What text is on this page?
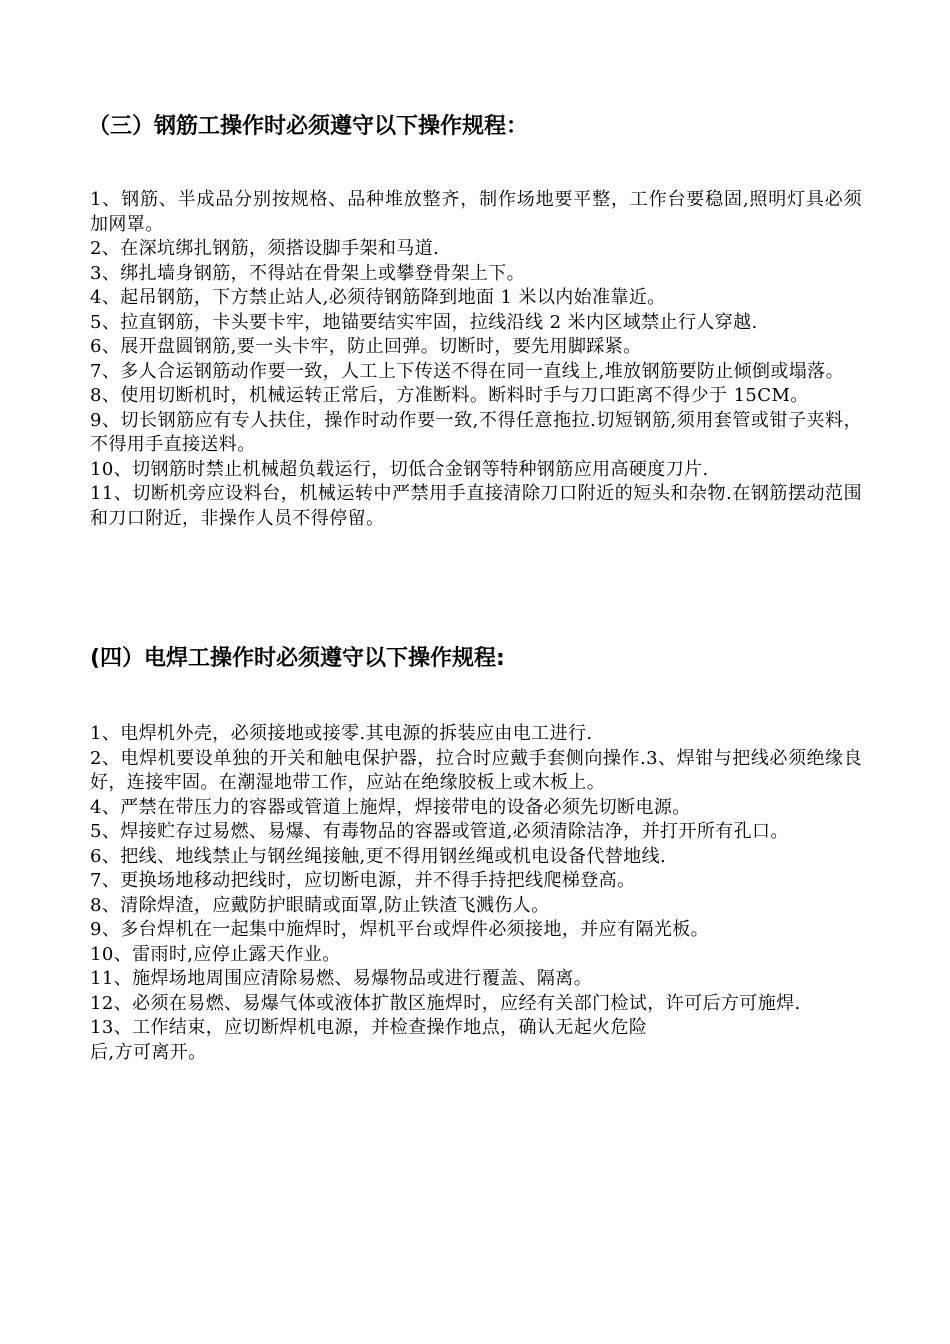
（三）钢筋工操作时必须遵守以下操作规程：

1、钢筋、半成品分别按规格、品种堆放整齐，制作场地要平整，工作台要稳固,照明灯具必须加网罩。

2、在深坑绑扎钢筋，须搭设脚手架和马道.

3、绑扎墙身钢筋，不得站在骨架上或攀登骨架上下。

4、起吊钢筋，下方禁止站人,必须待钢筋降到地面 1 米以内始准靠近。

5、拉直钢筋，卡头要卡牢，地锚要结实牢固，拉线沿线 2 米内区域禁止行人穿越.

6、展开盘圆钢筋,要一头卡牢，防止回弹。切断时，要先用脚踩紧。

7、多人合运钢筋动作要一致，人工上下传送不得在同一直线上,堆放钢筋要防止倾倒或塌落。

8、使用切断机时，机械运转正常后，方准断料。断料时手与刀口距离不得少于 15CM。

9、切长钢筋应有专人扶住，操作时动作要一致,不得任意拖拉.切短钢筋,须用套管或钳子夹料，不得用手直接送料。

10、切钢筋时禁止机械超负载运行，切低合金钢等特种钢筋应用高硬度刀片.

11、切断机旁应设料台，机械运转中严禁用手直接清除刀口附近的短头和杂物.在钢筋摆动范围和刀口附近，非操作人员不得停留。

(四）电焊工操作时必须遵守以下操作规程:

1、电焊机外壳，必须接地或接零.其电源的拆装应由电工进行.

2、电焊机要设单独的开关和触电保护器，拉合时应戴手套侧向操作.3、焊钳与把线必须绝缘良好，连接牢固。在潮湿地带工作，应站在绝缘胶板上或木板上。

4、严禁在带压力的容器或管道上施焊，焊接带电的设备必须先切断电源。

5、焊接贮存过易燃、易爆、有毒物品的容器或管道,必须清除洁净，并打开所有孔口。

6、把线、地线禁止与钢丝绳接触,更不得用钢丝绳或机电设备代替地线.

7、更换场地移动把线时，应切断电源，并不得手持把线爬梯登高。

8、清除焊渣，应戴防护眼睛或面罩,防止铁渣飞溅伤人。

9、多台焊机在一起集中施焊时，焊机平台或焊件必须接地，并应有隔光板。

10、雷雨时,应停止露天作业。

11、施焊场地周围应清除易燃、易爆物品或进行覆盖、隔离。

12、必须在易燃、易爆气体或液体扩散区施焊时，应经有关部门检试，许可后方可施焊.

13、工作结束，应切断焊机电源，并检查操作地点，确认无起火危险

后,方可离开。
